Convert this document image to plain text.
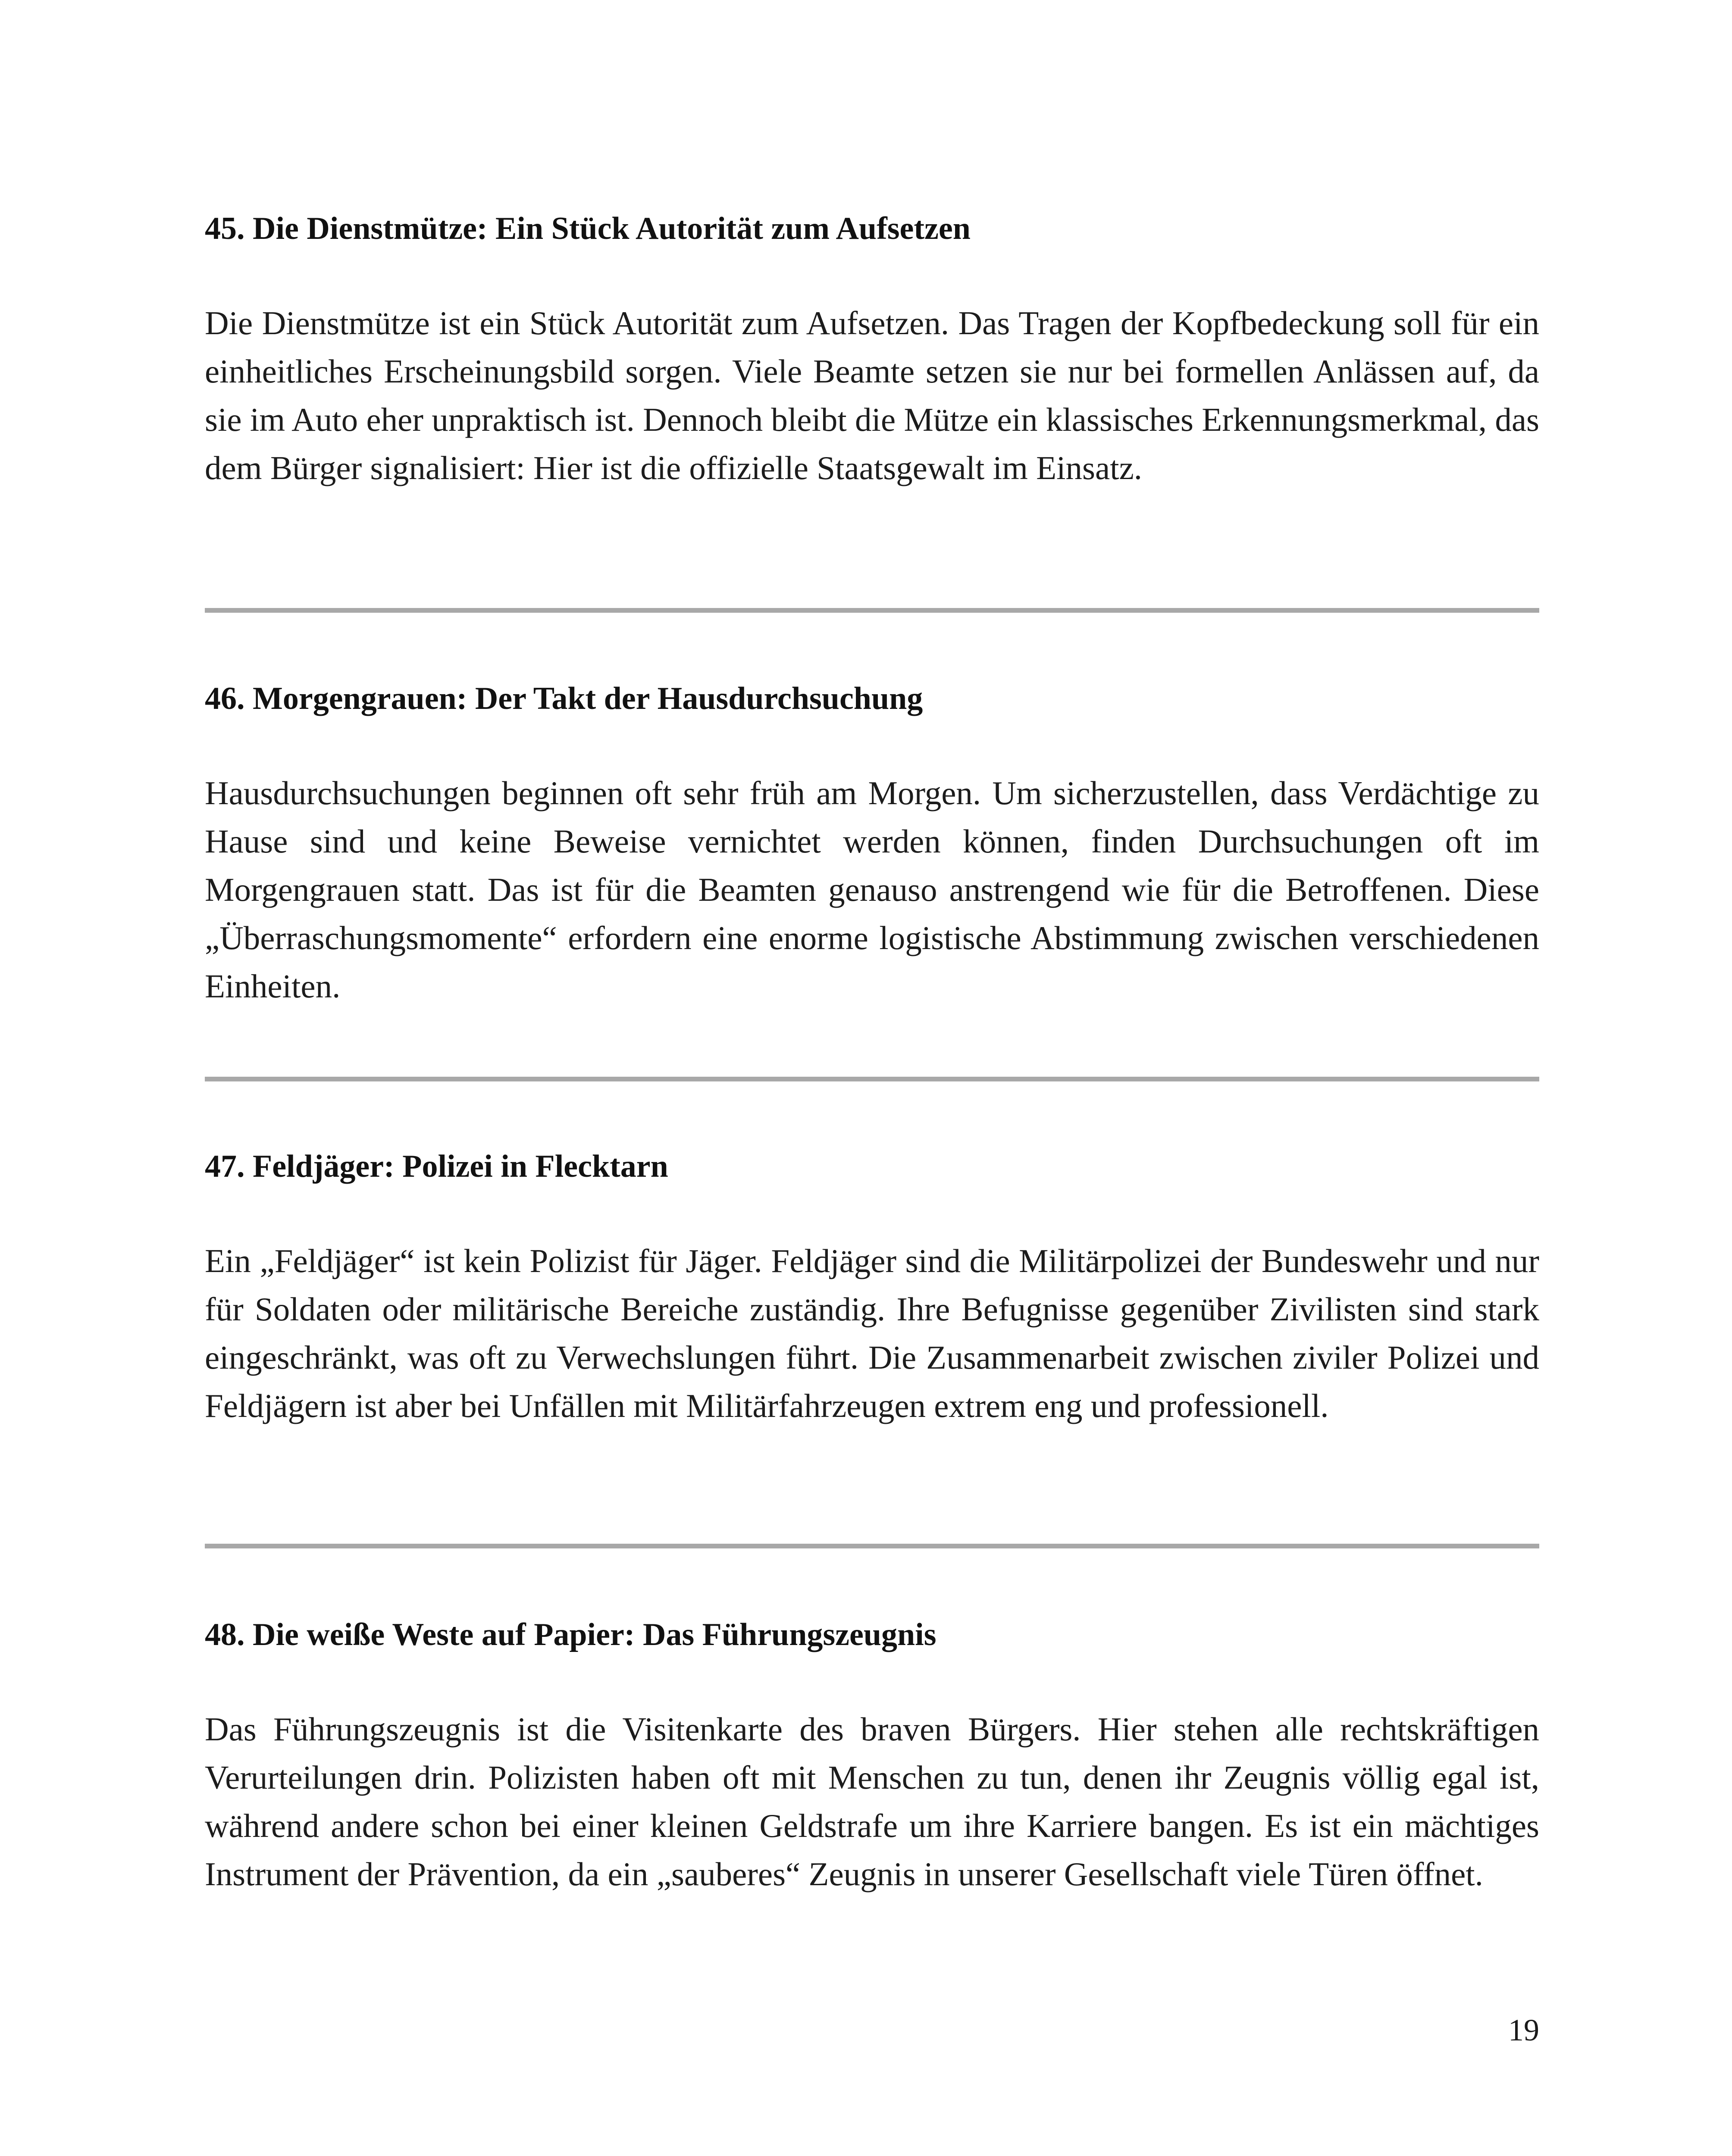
45. Die Dienstmütze: Ein Stück Autorität zum Aufsetzen

Die Dienstmütze ist ein Stück Autorität zum Aufsetzen. Das Tragen der Kopfbedeckung soll für ein einheitliches Erscheinungsbild sorgen. Viele Beamte setzen sie nur bei formellen Anlässen auf, da sie im Auto eher unpraktisch ist. Dennoch bleibt die Mütze ein klassisches Erkennungsmerkmal, das dem Bürger signalisiert: Hier ist die offizielle Staatsgewalt im Einsatz.

46. Morgengrauen: Der Takt der Hausdurchsuchung

Hausdurchsuchungen beginnen oft sehr früh am Morgen. Um sicherzustellen, dass Verdächtige zu Hause sind und keine Beweise vernichtet werden können, finden Durchsuchungen oft im Morgengrauen statt. Das ist für die Beamten genauso anstrengend wie für die Betroffenen. Diese „Überraschungsmomente“ erfordern eine enorme logistische Abstimmung zwischen verschiedenen Einheiten.

47. Feldjäger: Polizei in Flecktarn

Ein „Feldjäger“ ist kein Polizist für Jäger. Feldjäger sind die Militärpolizei der Bundeswehr und nur für Soldaten oder militärische Bereiche zuständig. Ihre Befugnisse gegenüber Zivilisten sind stark eingeschränkt, was oft zu Verwechslungen führt. Die Zusammenarbeit zwischen ziviler Polizei und Feldjägern ist aber bei Unfällen mit Militärfahrzeugen extrem eng und professionell.

48. Die weiße Weste auf Papier: Das Führungszeugnis

Das Führungszeugnis ist die Visitenkarte des braven Bürgers. Hier stehen alle rechtskräftigen Verurteilungen drin. Polizisten haben oft mit Menschen zu tun, denen ihr Zeugnis völlig egal ist, während andere schon bei einer kleinen Geldstrafe um ihre Karriere bangen. Es ist ein mächtiges Instrument der Prävention, da ein „sauberes“ Zeugnis in unserer Gesellschaft viele Türen öffnet.

19
